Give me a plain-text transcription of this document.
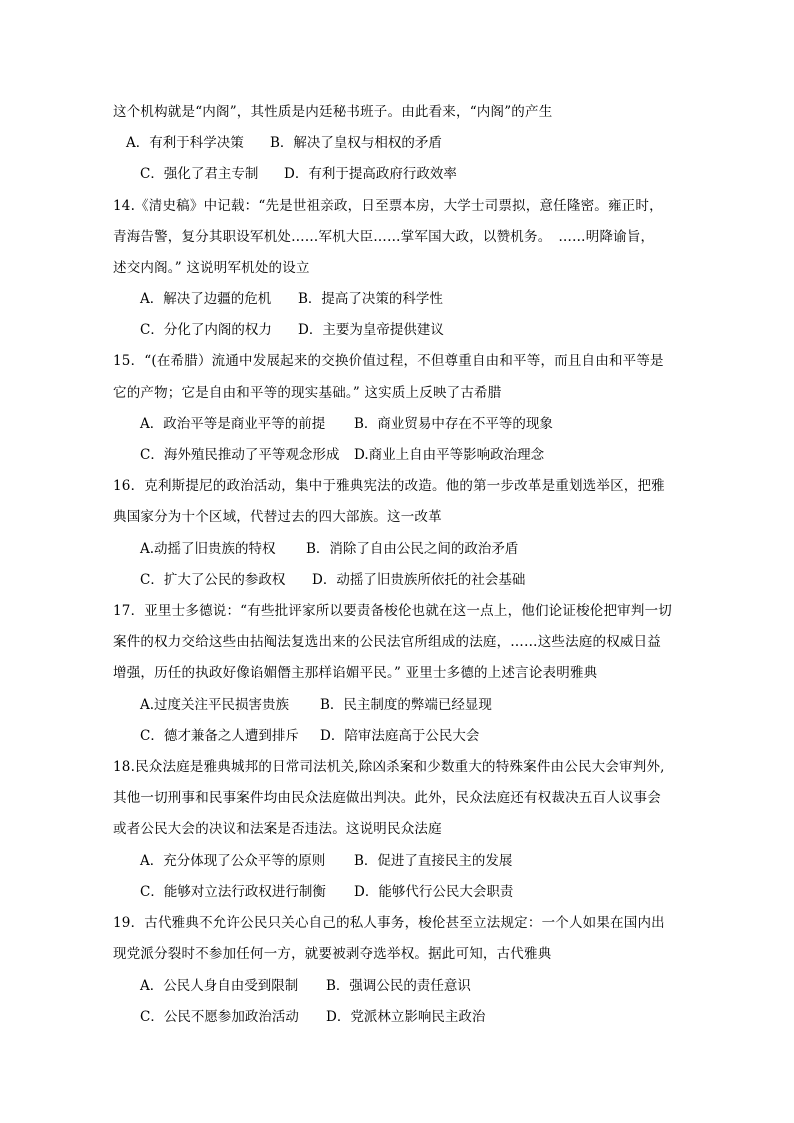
这个机构就是“内阁”，其性质是内廷秘书班子。由此看来，“内阁”的产生
A．有利于科学决策 B．解决了皇权与相权的矛盾
C．强化了君主专制 D．有利于提高政府行政效率
14.《清史稿》中记载：“先是世祖亲政，日至票本房，大学士司票拟，意任隆密。雍正时，
青海告警，复分其职设军机处……军机大臣……掌军国大政，以赞机务。　……明降谕旨，
述交内阁。” 这说明军机处的设立
A．解决了边疆的危机 B．提高了决策的科学性
C．分化了内阁的权力 D．主要为皇帝提供建议
15．“(在希腊）流通中发展起来的交换价值过程，不但尊重自由和平等，而且自由和平等是
它的产物；它是自由和平等的现实基础。” 这实质上反映了古希腊
A．政治平等是商业平等的前提 B．商业贸易中存在不平等的现象
C．海外殖民推动了平等观念形成 D.商业上自由平等影响政治理念
16．克利斯提尼的政治活动，集中于雅典宪法的改造。他的第一步改革是重划选举区，把雅
典国家分为十个区域，代替过去的四大部族。这一改革
A.动摇了旧贵族的特权 B．消除了自由公民之间的政治矛盾
C．扩大了公民的参政权 D．动摇了旧贵族所依托的社会基础
17．亚里士多德说：“有些批评家所以要责备梭伦也就在这一点上，他们论证梭伦把审判一切
案件的权力交给这些由拈阄法复选出来的公民法官所组成的法庭，……这些法庭的权威日益
增强，历任的执政好像谄媚僭主那样谄媚平民。” 亚里士多德的上述言论表明雅典
A.过度关注平民损害贵族 B．民主制度的弊端已经显现
C．德才兼备之人遭到排斥 D．陪审法庭高于公民大会
18.民众法庭是雅典城邦的日常司法机关,除凶杀案和少数重大的特殊案件由公民大会审判外,
其他一切刑事和民事案件均由民众法庭做出判决。此外，民众法庭还有权裁决五百人议事会
或者公民大会的决议和法案是否违法。这说明民众法庭
A．充分体现了公众平等的原则 B．促进了直接民主的发展
C．能够对立法行政权进行制衡 D．能够代行公民大会职责
19．古代雅典不允许公民只关心自己的私人事务，梭伦甚至立法规定：一个人如果在国内出
现党派分裂时不参加任何一方，就要被剥夺选举权。据此可知，古代雅典
A．公民人身自由受到限制 B．强调公民的责任意识
C．公民不愿参加政治活动 D．党派林立影响民主政治
